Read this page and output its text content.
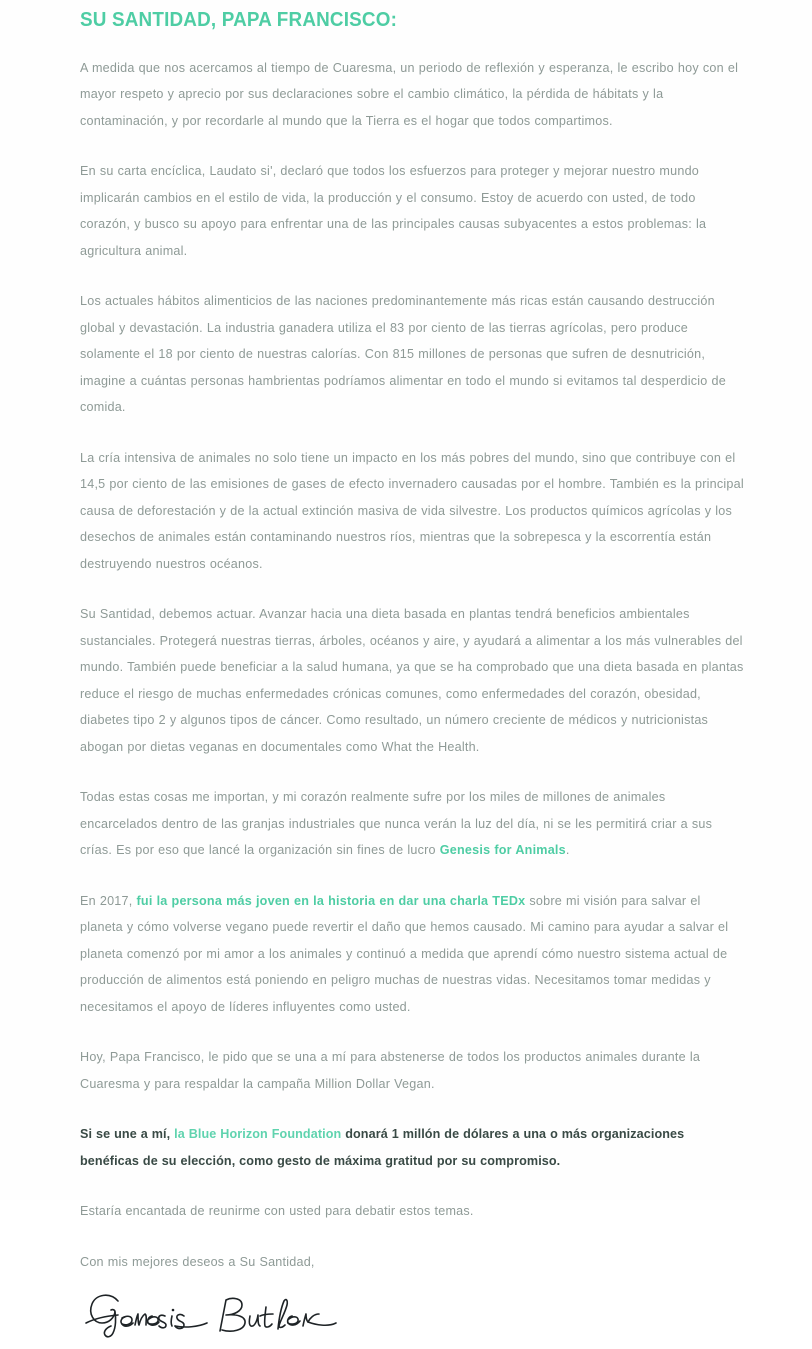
SU SANTIDAD, PAPA FRANCISCO:

A medida que nos acercamos al tiempo de Cuaresma, un periodo de reflexión y esperanza, le escribo hoy con el mayor respeto y aprecio por sus declaraciones sobre el cambio climático, la pérdida de hábitats y la contaminación, y por recordarle al mundo que la Tierra es el hogar que todos compartimos.

En su carta encíclica, Laudato si', declaró que todos los esfuerzos para proteger y mejorar nuestro mundo implicarán cambios en el estilo de vida, la producción y el consumo. Estoy de acuerdo con usted, de todo corazón, y busco su apoyo para enfrentar una de las principales causas subyacentes a estos problemas: la agricultura animal.

Los actuales hábitos alimenticios de las naciones predominantemente más ricas están causando destrucción global y devastación. La industria ganadera utiliza el 83 por ciento de las tierras agrícolas, pero produce solamente el 18 por ciento de nuestras calorías. Con 815 millones de personas que sufren de desnutrición, imagine a cuántas personas hambrientas podríamos alimentar en todo el mundo si evitamos tal desperdicio de comida.

La cría intensiva de animales no solo tiene un impacto en los más pobres del mundo, sino que contribuye con el 14,5 por ciento de las emisiones de gases de efecto invernadero causadas por el hombre. También es la principal causa de deforestación y de la actual extinción masiva de vida silvestre. Los productos químicos agrícolas y los desechos de animales están contaminando nuestros ríos, mientras que la sobrepesca y la escorrentía están destruyendo nuestros océanos.

Su Santidad, debemos actuar. Avanzar hacia una dieta basada en plantas tendrá beneficios ambientales sustanciales. Protegerá nuestras tierras, árboles, océanos y aire, y ayudará a alimentar a los más vulnerables del mundo. También puede beneficiar a la salud humana, ya que se ha comprobado que una dieta basada en plantas reduce el riesgo de muchas enfermedades crónicas comunes, como enfermedades del corazón, obesidad, diabetes tipo 2 y algunos tipos de cáncer. Como resultado, un número creciente de médicos y nutricionistas abogan por dietas veganas en documentales como What the Health.

Todas estas cosas me importan, y mi corazón realmente sufre por los miles de millones de animales encarcelados dentro de las granjas industriales que nunca verán la luz del día, ni se les permitirá criar a sus crías. Es por eso que lancé la organización sin fines de lucro Genesis for Animals.

En 2017, fui la persona más joven en la historia en dar una charla TEDx sobre mi visión para salvar el planeta y cómo volverse vegano puede revertir el daño que hemos causado. Mi camino para ayudar a salvar el planeta comenzó por mi amor a los animales y continuó a medida que aprendí cómo nuestro sistema actual de producción de alimentos está poniendo en peligro muchas de nuestras vidas. Necesitamos tomar medidas y necesitamos el apoyo de líderes influyentes como usted.

Hoy, Papa Francisco, le pido que se una a mí para abstenerse de todos los productos animales durante la Cuaresma y para respaldar la campaña Million Dollar Vegan.

Si se une a mí, la Blue Horizon Foundation donará 1 millón de dólares a una o más organizaciones benéficas de su elección, como gesto de máxima gratitud por su compromiso.

Estaría encantada de reunirme con usted para debatir estos temas.

Con mis mejores deseos a Su Santidad,
